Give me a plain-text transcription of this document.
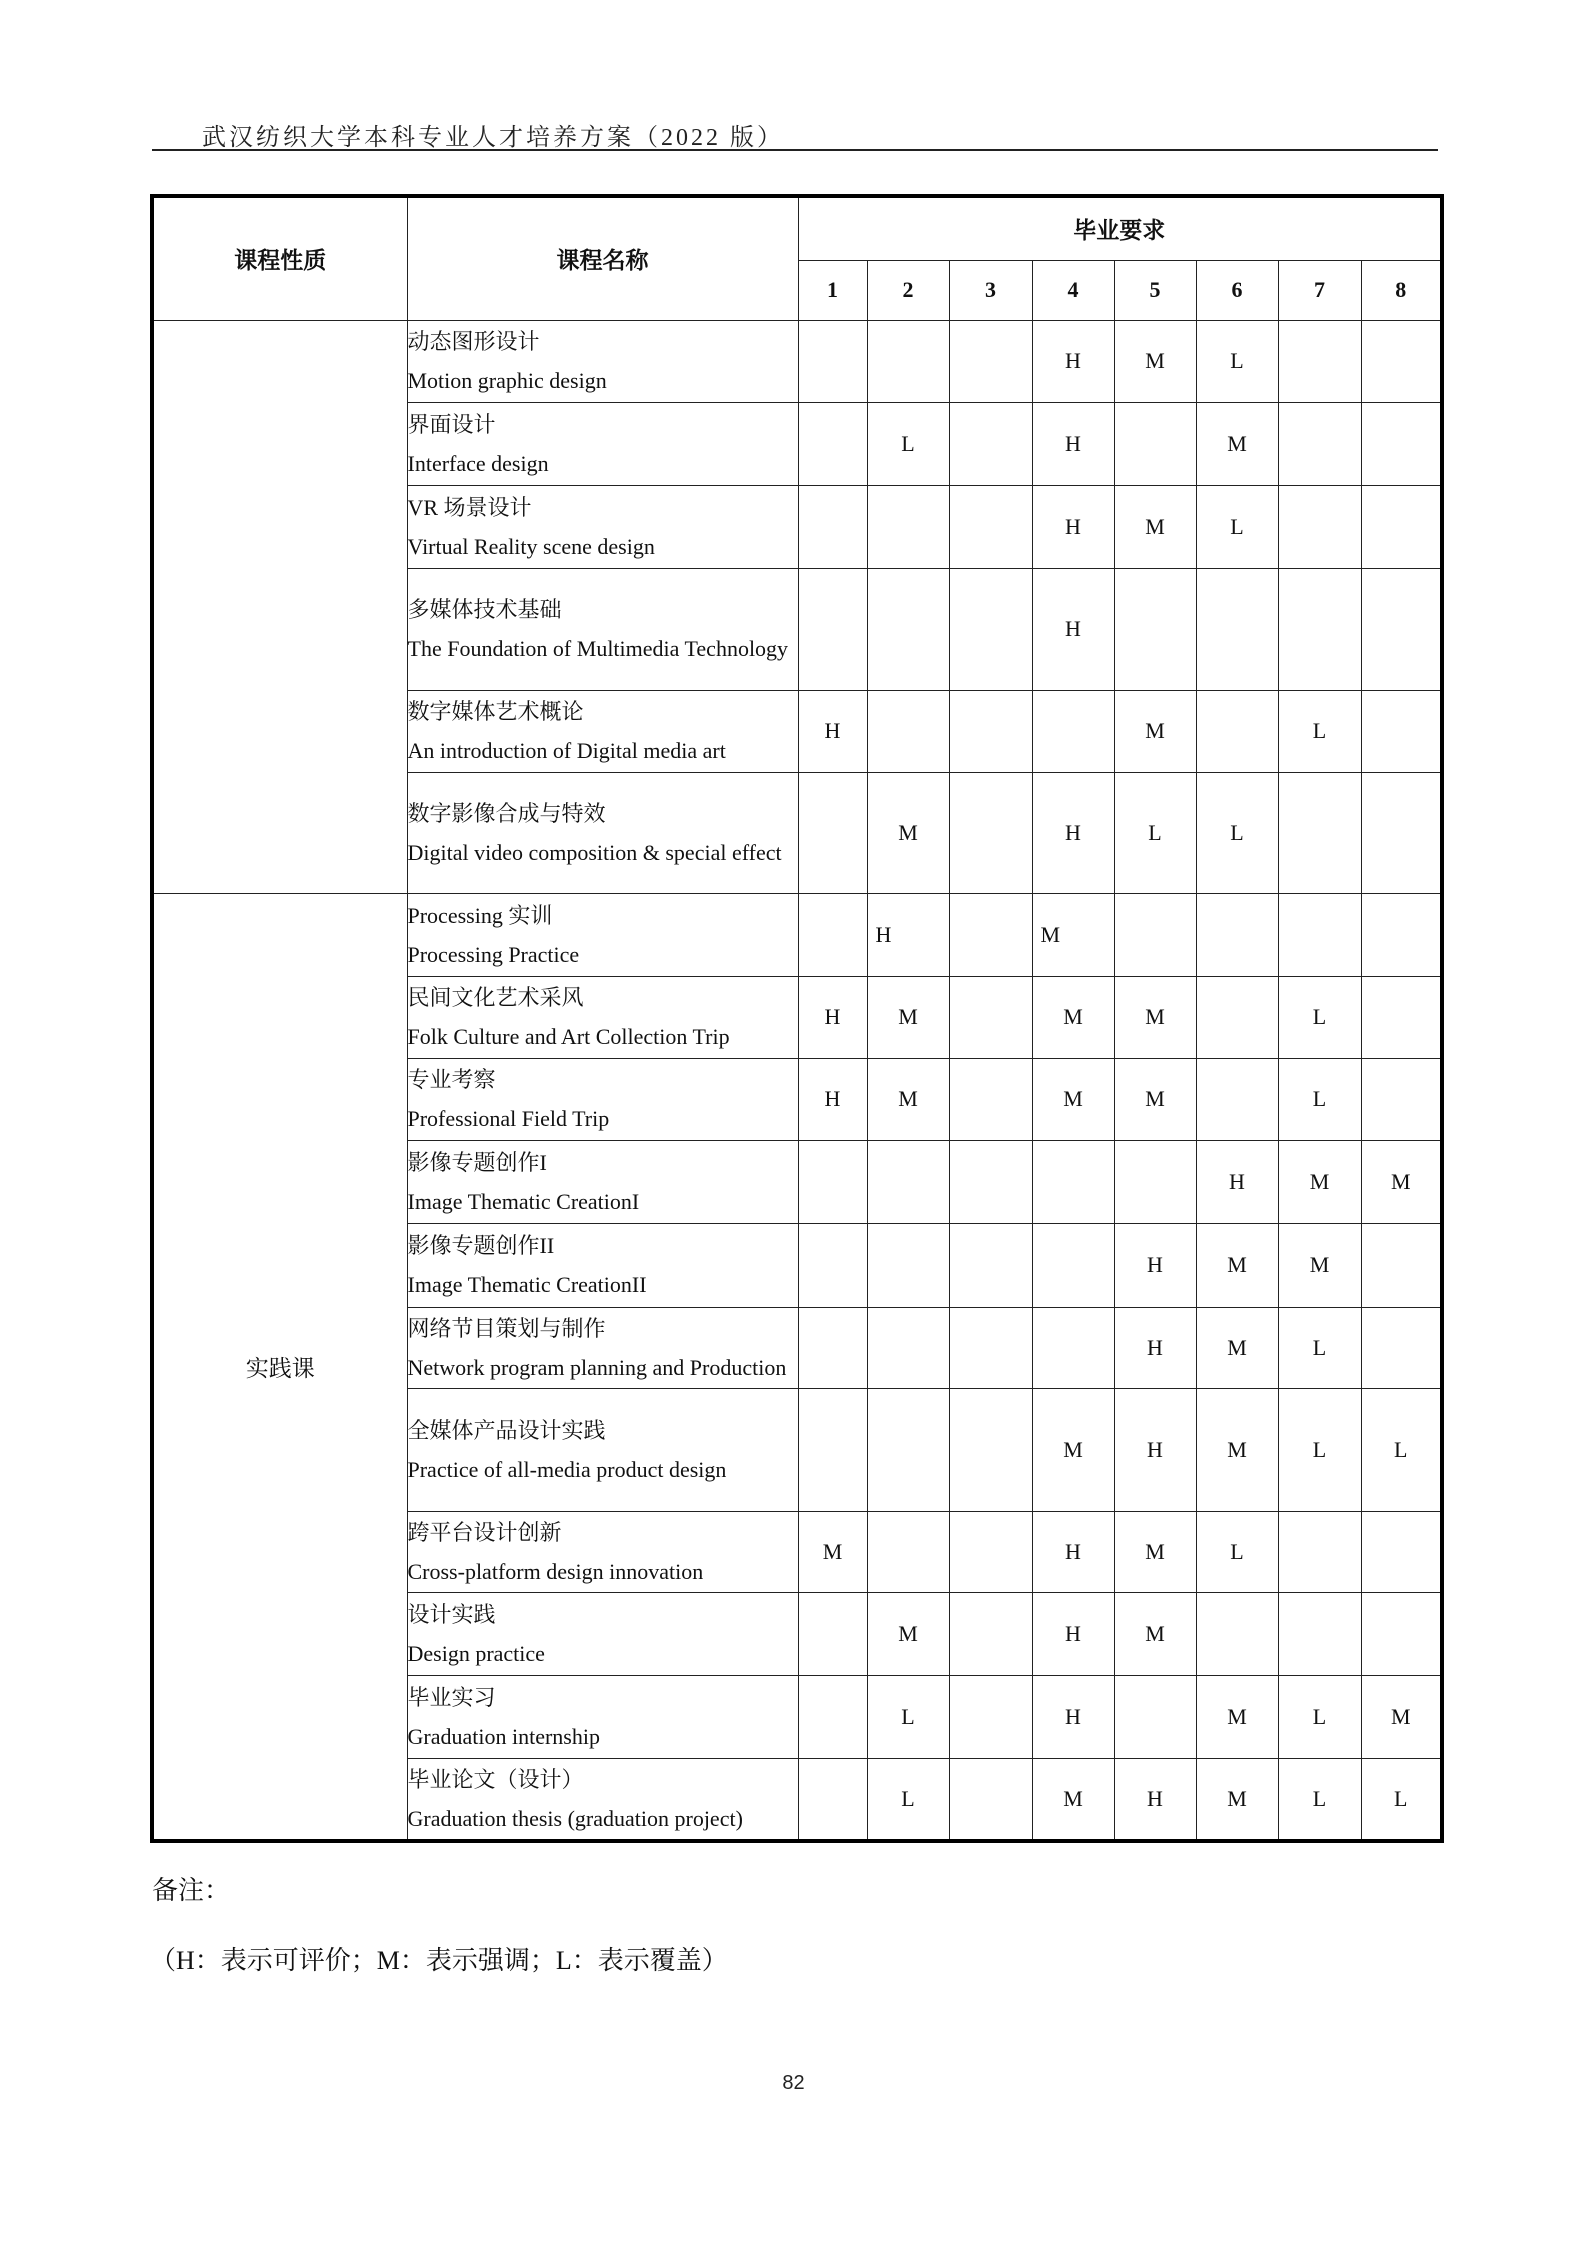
武汉纺织大学本科专业人才培养方案（2022 版）
课程性质	课程名称	毕业要求							
		1	2	3	4	5	6	7	8

	动态图形设计
Motion graphic design				H	M	L		

	界面设计
Interface design		L		H		M		

	VR 场景设计
Virtual Reality scene design				H	M	L		

	多媒体技术基础
The Foundation of Multimedia Technology				H				

	数字媒体艺术概论
An introduction of Digital media art	H				M		L	

	数字影像合成与特效
Digital video composition & special effect		M		H	L	L		
实践课	Processing 实训
Processing Practice		H		M				

	民间文化艺术采风
Folk Culture and Art Collection Trip	H	M		M	M		L	

	专业考察
Professional Field Trip	H	M		M	M		L	

	影像专题创作I
Image Thematic CreationI						H	M	M

	影像专题创作II
Image Thematic CreationII					H	M	M	

	网络节目策划与制作
Network program planning and Production					H	M	L	

	全媒体产品设计实践
Practice of all-media product design				M	H	M	L	L

	跨平台设计创新
Cross-platform design innovation	M			H	M	L		

	设计实践
Design practice		M		H	M			

	毕业实习
Graduation internship		L		H		M	L	M

	毕业论文（设计）
Graduation thesis (graduation project)		L		M	H	M	L	L
备注：
（H：表示可评价；M：表示强调；L：表示覆盖）
82
